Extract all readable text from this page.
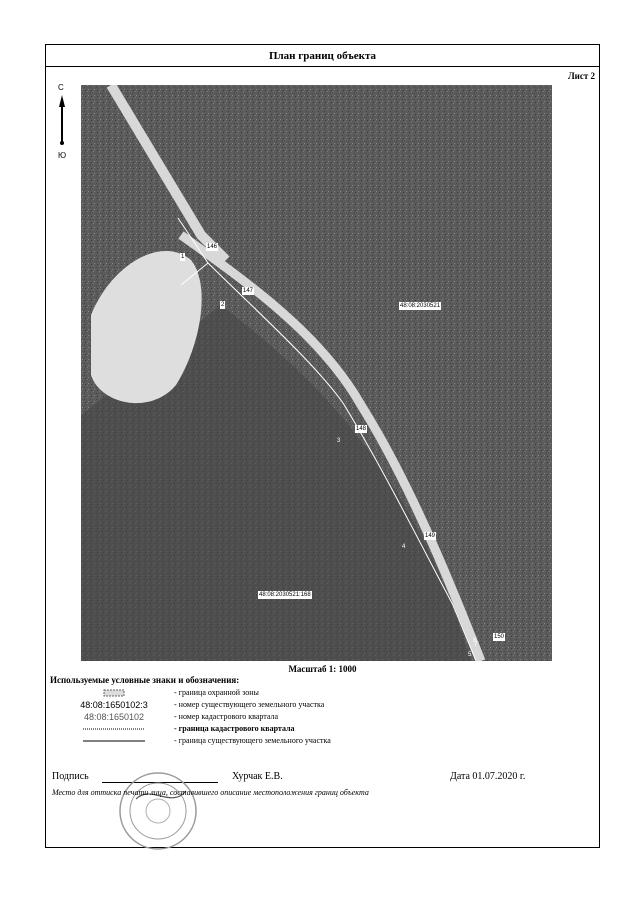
План границ объекта
Лист 2
С
Ю
146
1
147
2	48:08:2030521
148
3
149
4
48:08:2030521:168
5
6
150
7
Масштаб 1: 1000
Используемые условные знаки и обозначения:
- граница охранной зоны
48:08:1650102:3	- номер существующего земельного участка
48:08:1650102	- номер кадастрового квартала
- граница кадастрового квартала
- граница существующего земельного участка
Подпись	Хурчак Е.В.	Дата 01.07.2020 г.
Место для оттиска печати лица, составившего описание местоположения границ объекта
